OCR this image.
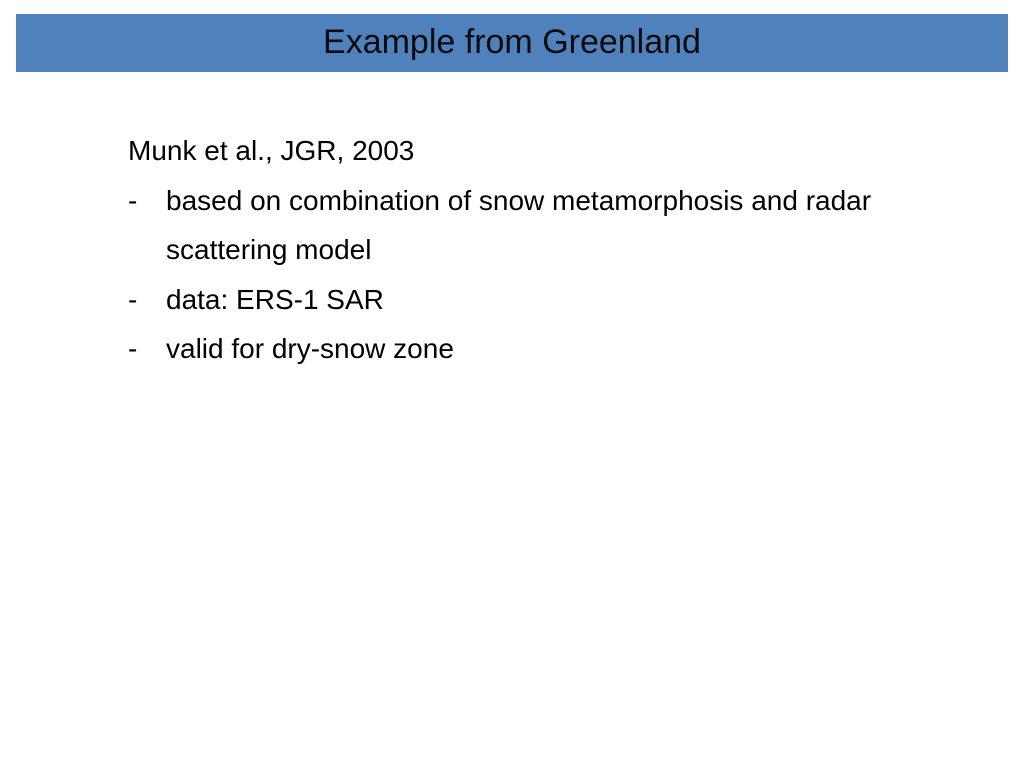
Example from Greenland
Munk et al., JGR, 2003
- based on combination of snow metamorphosis and radar scattering model
- data: ERS-1 SAR
- valid for dry-snow zone
